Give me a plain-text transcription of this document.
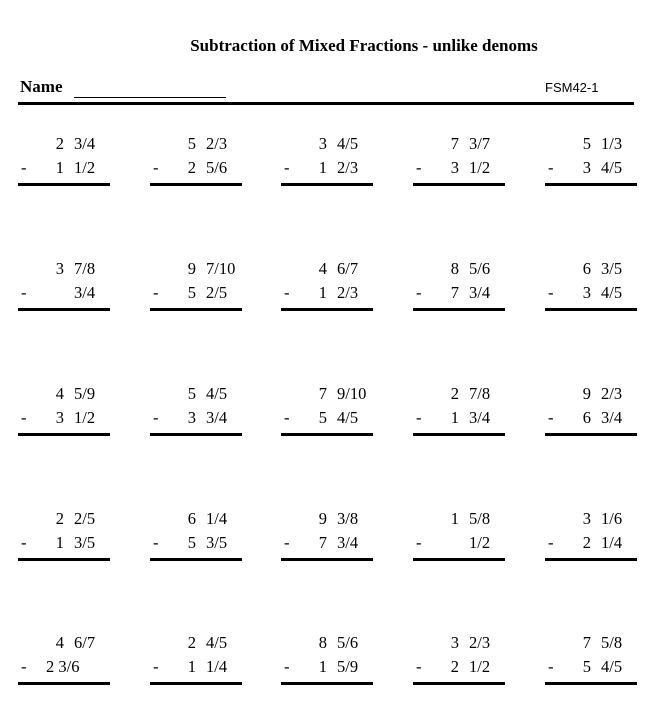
Subtraction of Mixed Fractions - unlike denoms
Name	FSM42-1
2 3/4
- 1 1/2
5 2/3
- 2 5/6
3 4/5
- 1 2/3
7 3/7
- 3 1/2
5 1/3
- 3 4/5
3 7/8
-	3/4
9 7/10
- 5 2/5
4 6/7
- 1 2/3
8 5/6
- 7 3/4
6 3/5
- 3 4/5
4 5/9
- 3 1/2
5 4/5
- 3 3/4
7 9/10
- 5 4/5
2 7/8
- 1 3/4
9 2/3
- 6 3/4
2 2/5
- 1 3/5
6 1/4
- 5 3/5
9 3/8
- 7 3/4
1 5/8
-	1/2
3 1/6
- 2 1/4
4 6/7
- 2 3/6
2 4/5
- 1 1/4
8 5/6
- 1 5/9
3 2/3
- 2 1/2
7 5/8
- 5 4/5
